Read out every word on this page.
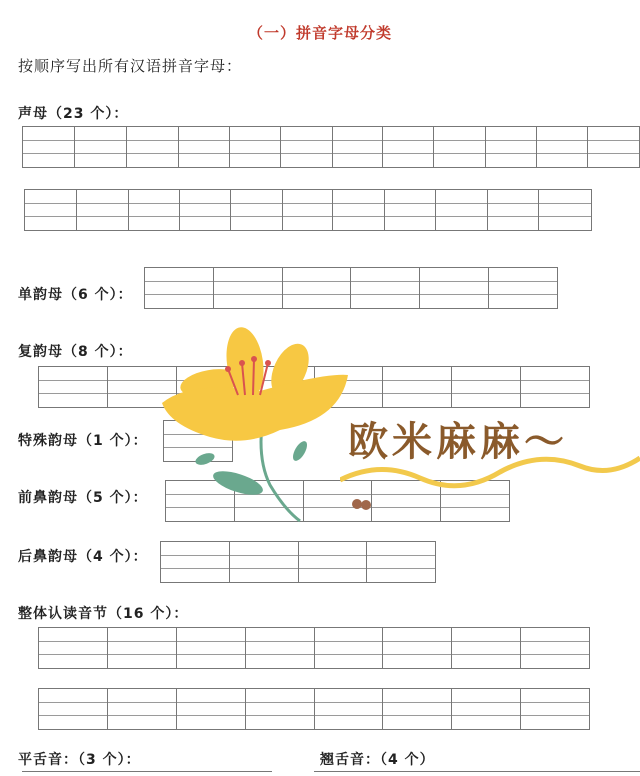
（一）拼音字母分类
按顺序写出所有汉语拼音字母：
声母（23 个）：
单韵母（6 个）：
复韵母（8 个）：
特殊韵母（1 个）：
前鼻韵母（5 个）：
后鼻韵母（4 个）：
整体认读音节（16 个）：
平舌音：（3 个）：	翘舌音：（4 个）
欧米麻麻～
